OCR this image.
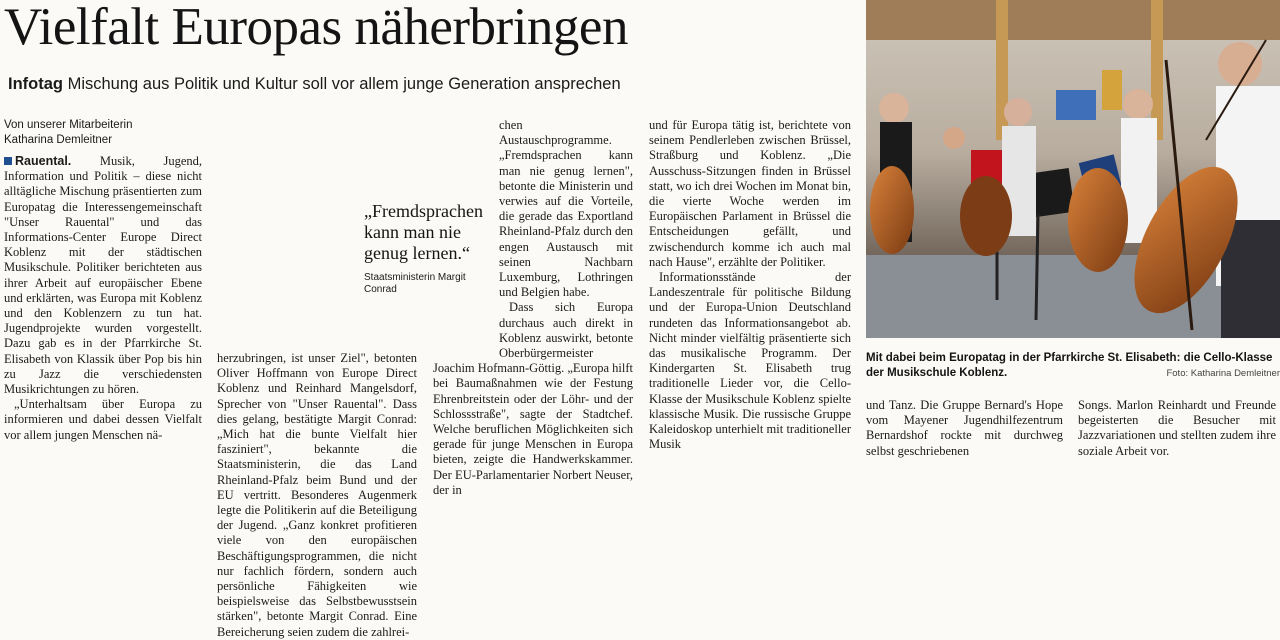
Vielfalt Europas näherbringen
Infotag Mischung aus Politik und Kultur soll vor allem junge Generation ansprechen
Von unserer Mitarbeiterin
Katharina Demleitner

Rauental. Musik, Jugend, Information und Politik – diese nicht alltägliche Mischung präsentierten zum Europatag die Interessengemeinschaft "Unser Rauental" und das Informations-Center Europe Direct Koblenz mit der städtischen Musikschule. Politiker berichteten aus ihrer Arbeit auf europäischer Ebene und erklärten, was Europa mit Koblenz und den Koblenzern zu tun hat. Jugendprojekte wurden vorgestellt. Dazu gab es in der Pfarrkirche St. Elisabeth von Klassik über Pop bis hin zu Jazz die verschiedensten Musikrichtungen zu hören.

„Unterhaltsam über Europa zu informieren und dabei dessen Vielfalt vor allem jungen Menschen nä-

herzubringen, ist unser Ziel", betonten Oliver Hoffmann von Europe Direct Koblenz und Reinhard Mangelsdorf, Sprecher von "Unser Rauental". Dass dies gelang, bestätigte Margit Conrad: „Mich hat die bunte Vielfalt hier fasziniert", bekannte die Staatsministerin, die das Land Rheinland-Pfalz beim Bund und der EU vertritt. Besonderes Augenmerk legte die Politikerin auf die Beteiligung der Jugend. „Ganz konkret profitieren viele von den europäischen Beschäftigungsprogrammen, die nicht nur fachlich fördern, sondern auch persönliche Fähigkeiten wie beispielsweise das Selbstbewusstsein stärken", betonte Margit Conrad. Eine Bereicherung seien zudem die zahlrei-

„Fremdsprachen kann man nie genug lernen.“
Staatsministerin Margit Conrad

chen Austauschprogramme. „Fremdsprachen kann man nie genug lernen", betonte die Ministerin und verwies auf die Vorteile, die gerade das Exportland Rheinland-Pfalz durch den engen Austausch mit seinen Nachbarn Luxemburg, Lothringen und Belgien habe.

Dass sich Europa durchaus auch direkt in Koblenz auswirkt, betonte Oberbürgermeister Joachim Hofmann-Göttig. „Europa hilft bei Baumaßnahmen wie der Festung Ehrenbreitstein oder der Löhr- und der Schlossstraße", sagte der Stadtchef. Welche beruflichen Möglichkeiten sich gerade für junge Menschen in Europa bieten, zeigte die Handwerkskammer. Der EU-Parlamentarier Norbert Neuser, der in

und für Europa tätig ist, berichtete von seinem Pendlerleben zwischen Brüssel, Straßburg und Koblenz. „Die Ausschuss-Sitzungen finden in Brüssel statt, wo ich drei Wochen im Monat bin, die vierte Woche werden im Europäischen Parlament in Brüssel die Entscheidungen gefällt, und zwischendurch komme ich auch mal nach Hause", erzählte der Politiker.

Informationsstände der Landeszentrale für politische Bildung und der Europa-Union Deutschland rundeten das Informationsangebot ab. Nicht minder vielfältig präsentierte sich das musikalische Programm. Der Kindergarten St. Elisabeth trug traditionelle Lieder vor, die Cello-Klasse der Musikschule Koblenz spielte klassische Musik. Die russische Gruppe Kaleidoskop unterhielt mit traditioneller Musik

Mit dabei beim Europatag in der Pfarrkirche St. Elisabeth: die Cello-Klasse der Musikschule Koblenz.	Foto: Katharina Demleitner

und Tanz. Die Gruppe Bernard's Hope vom Mayener Jugendhilfezentrum Bernardshof rockte mit durchweg selbst geschriebenen

Songs. Marlon Reinhardt und Freunde begeisterten die Besucher mit Jazzvariationen und stellten zudem ihre soziale Arbeit vor.
